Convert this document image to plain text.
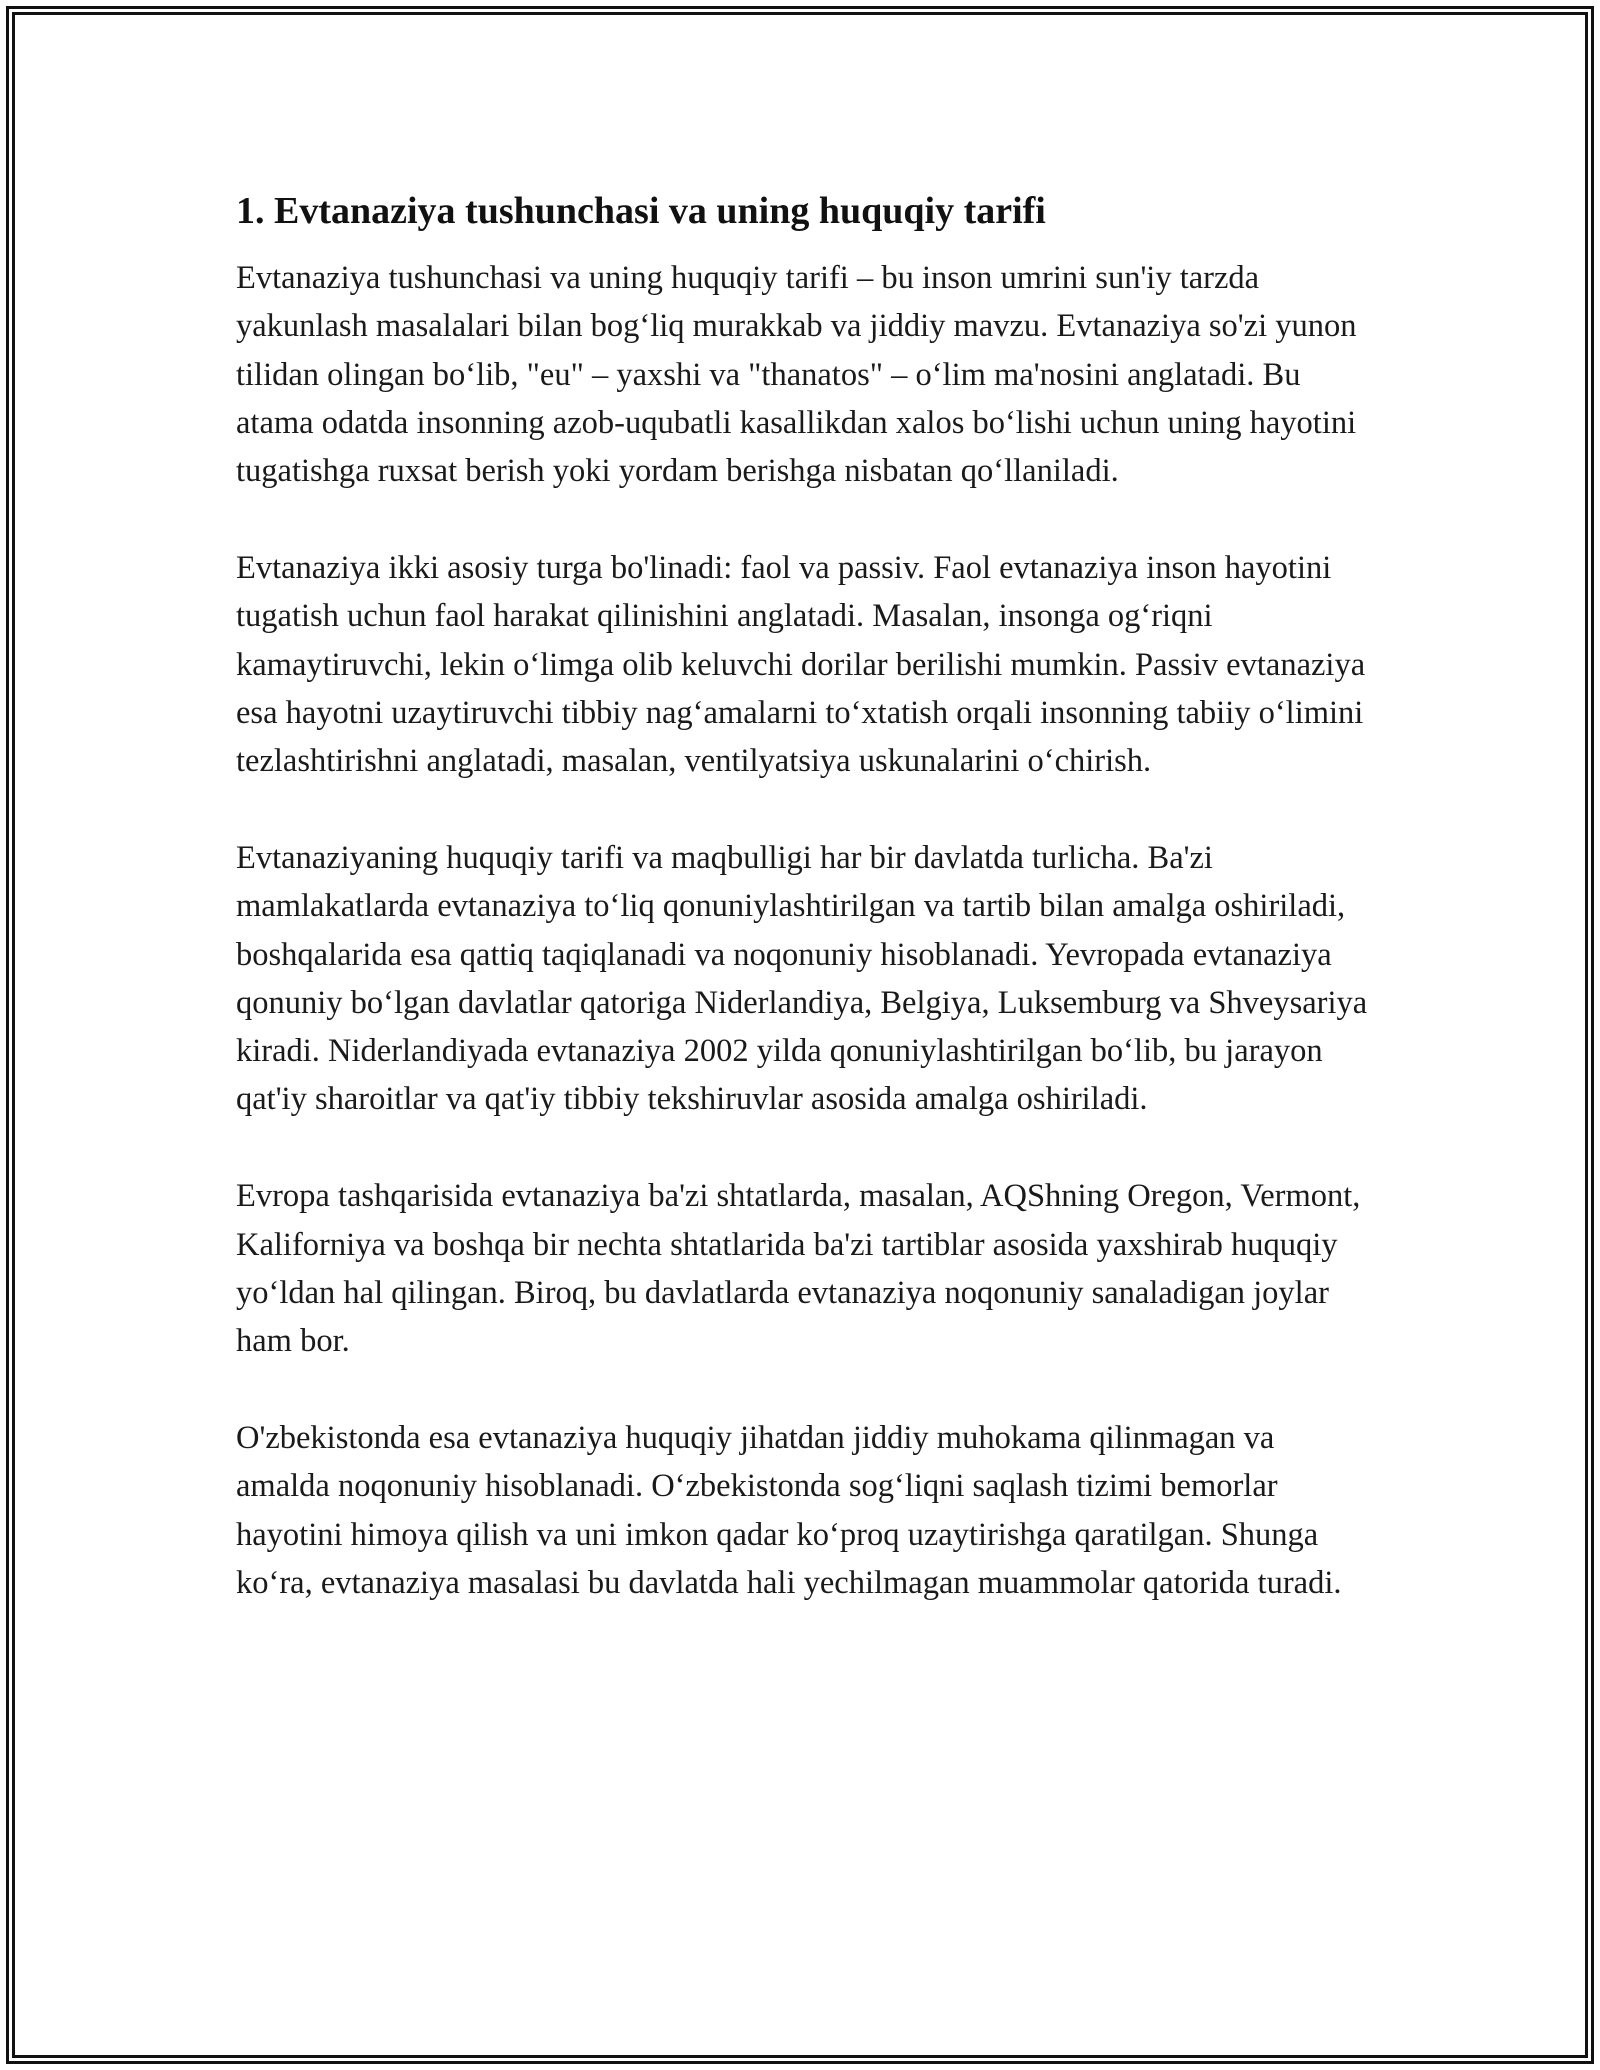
1. Evtanaziya tushunchasi va uning huquqiy tarifi

Evtanaziya tushunchasi va uning huquqiy tarifi – bu inson umrini sun'iy tarzda yakunlash masalalari bilan bog‘liq murakkab va jiddiy mavzu. Evtanaziya so'zi yunon tilidan olingan bo‘lib, "eu" – yaxshi va "thanatos" – o‘lim ma'nosini anglatadi. Bu atama odatda insonning azob-uqubatli kasallikdan xalos bo‘lishi uchun uning hayotini tugatishga ruxsat berish yoki yordam berishga nisbatan qo‘llaniladi.

Evtanaziya ikki asosiy turga bo'linadi: faol va passiv. Faol evtanaziya inson hayotini tugatish uchun faol harakat qilinishini anglatadi. Masalan, insonga og‘riqni kamaytiruvchi, lekin o‘limga olib keluvchi dorilar berilishi mumkin. Passiv evtanaziya esa hayotni uzaytiruvchi tibbiy nag‘amalarni to‘xtatish orqali insonning tabiiy o‘limini tezlashtirishni anglatadi, masalan, ventilyatsiya uskunalarini o‘chirish.

Evtanaziyaning huquqiy tarifi va maqbulligi har bir davlatda turlicha. Ba'zi mamlakatlarda evtanaziya to‘liq qonuniylashtirilgan va tartib bilan amalga oshiriladi, boshqalarida esa qattiq taqiqlanadi va noqonuniy hisoblanadi. Yevropada evtanaziya qonuniy bo‘lgan davlatlar qatoriga Niderlandiya, Belgiya, Luksemburg va Shveysariya kiradi. Niderlandiyada evtanaziya 2002 yilda qonuniylashtirilgan bo‘lib, bu jarayon qat'iy sharoitlar va qat'iy tibbiy tekshiruvlar asosida amalga oshiriladi.

Evropa tashqarisida evtanaziya ba'zi shtatlarda, masalan, AQShning Oregon, Vermont, Kaliforniya va boshqa bir nechta shtatlarida ba'zi tartiblar asosida yaxshirab huquqiy yo‘ldan hal qilingan. Biroq, bu davlatlarda evtanaziya noqonuniy sanaladigan joylar ham bor.

O'zbekistonda esa evtanaziya huquqiy jihatdan jiddiy muhokama qilinmagan va amalda noqonuniy hisoblanadi. O‘zbekistonda sog‘liqni saqlash tizimi bemorlar hayotini himoya qilish va uni imkon qadar ko‘proq uzaytirishga qaratilgan. Shunga ko‘ra, evtanaziya masalasi bu davlatda hali yechilmagan muammolar qatorida turadi.
